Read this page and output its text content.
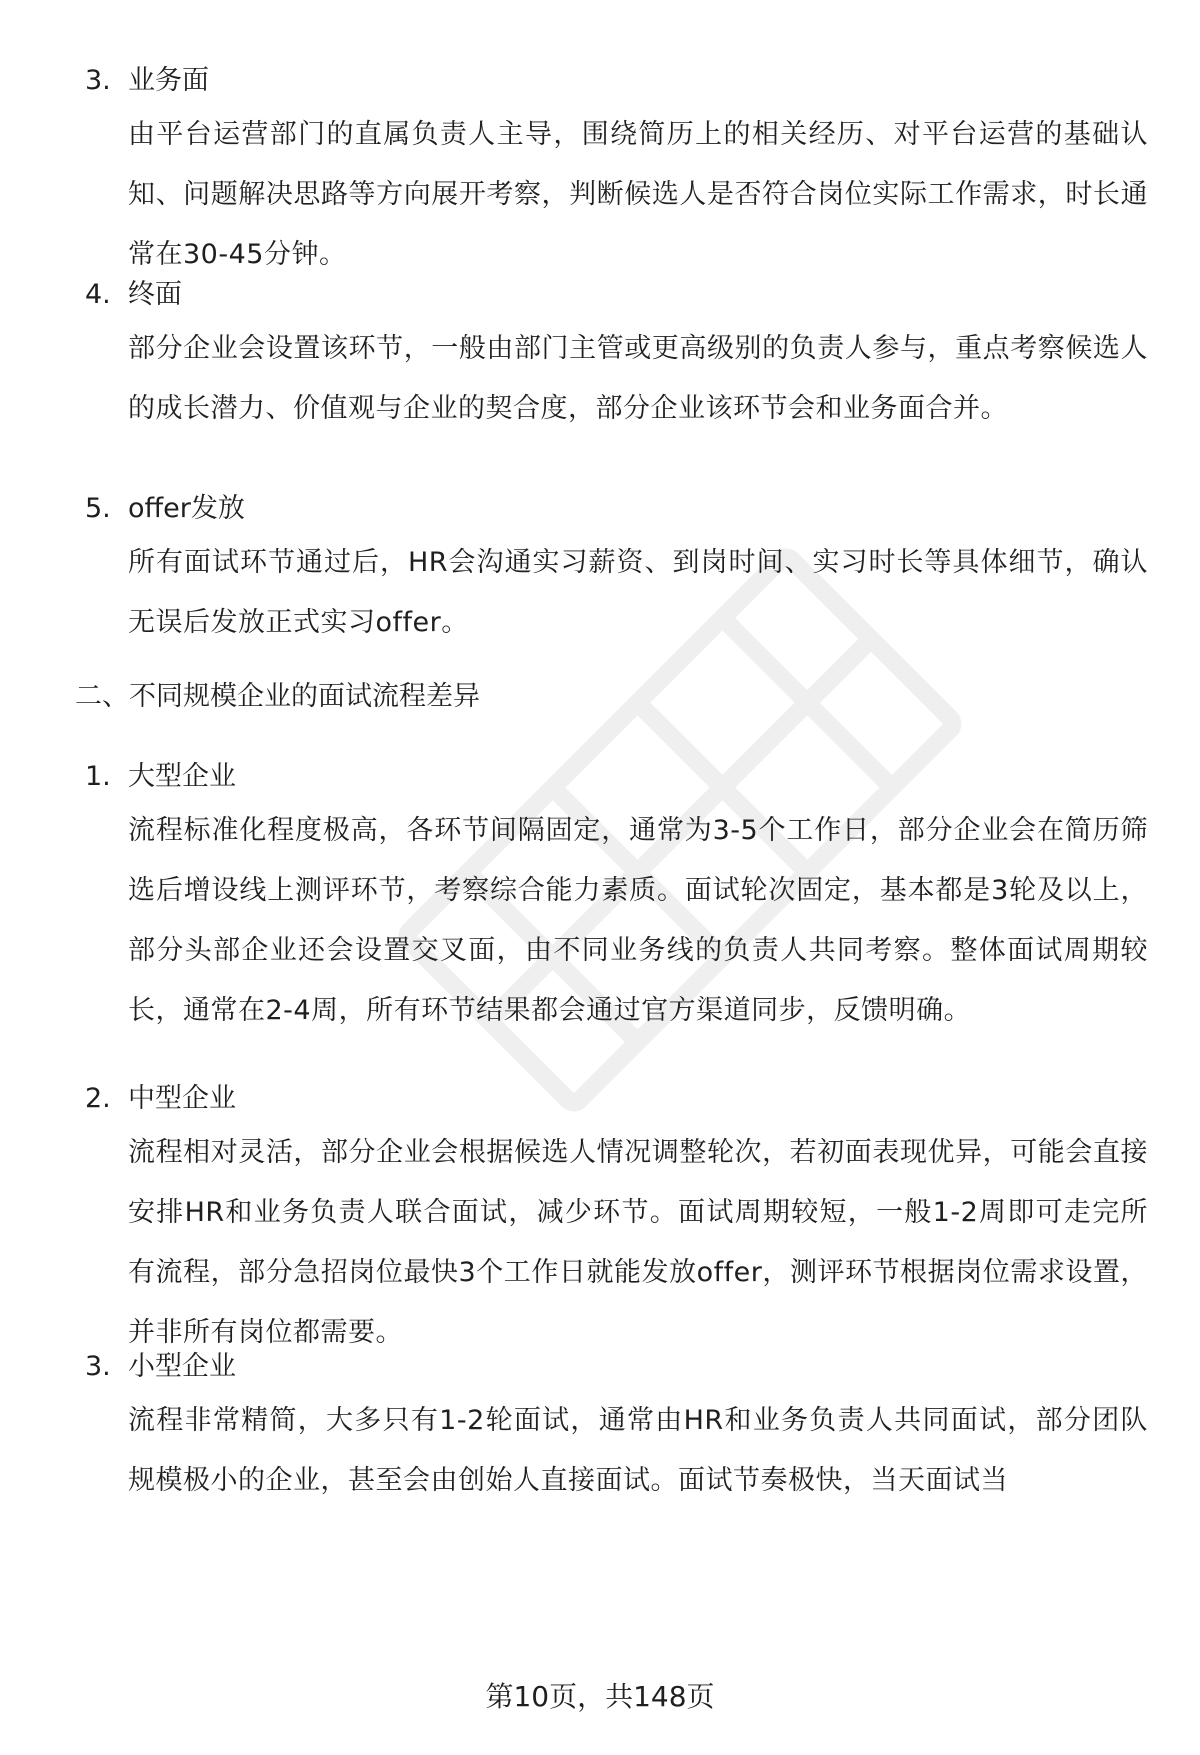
3. 业务面
由平台运营部门的直属负责人主导，围绕简历上的相关经历、对平台运营的基础认知、问题解决思路等方向展开考察，判断候选人是否符合岗位实际工作需求，时长通常在30-45分钟。
4. 终面
部分企业会设置该环节，一般由部门主管或更高级别的负责人参与，重点考察候选人的成长潜力、价值观与企业的契合度，部分企业该环节会和业务面合并。
5. offer发放
所有面试环节通过后，HR会沟通实习薪资、到岗时间、实习时长等具体细节，确认无误后发放正式实习offer。
二、不同规模企业的面试流程差异
1. 大型企业
流程标准化程度极高，各环节间隔固定，通常为3-5个工作日，部分企业会在简历筛选后增设线上测评环节，考察综合能力素质。面试轮次固定，基本都是3轮及以上，部分头部企业还会设置交叉面，由不同业务线的负责人共同考察。整体面试周期较长，通常在2-4周，所有环节结果都会通过官方渠道同步，反馈明确。
2. 中型企业
流程相对灵活，部分企业会根据候选人情况调整轮次，若初面表现优异，可能会直接安排HR和业务负责人联合面试，减少环节。面试周期较短，一般1-2周即可走完所有流程，部分急招岗位最快3个工作日就能发放offer，测评环节根据岗位需求设置，并非所有岗位都需要。
3. 小型企业
流程非常精简，大多只有1-2轮面试，通常由HR和业务负责人共同面试，部分团队规模极小的企业，甚至会由创始人直接面试。面试节奏极快，当天面试当
第10页，共148页
